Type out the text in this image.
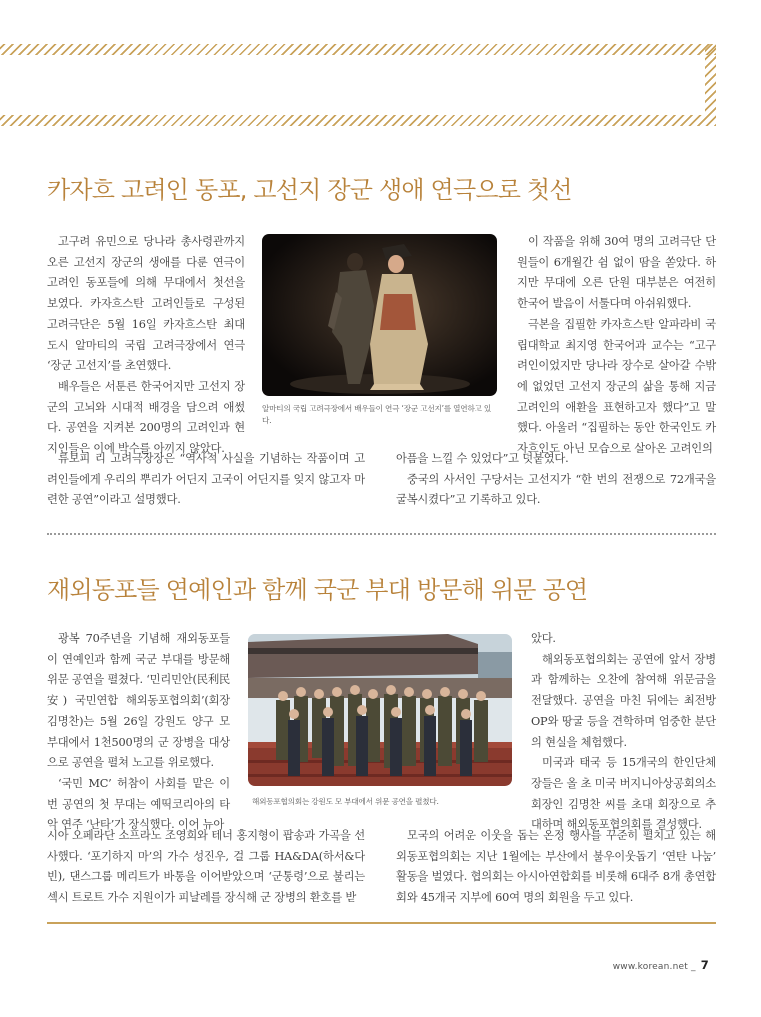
카자흐 고려인 동포, 고선지 장군 생애 연극으로 첫선

고구려 유민으로 당나라 총사령관까지 오른 고선지 장군의 생애를 다룬 연극이 고려인 동포들에 의해 무대에서 첫선을 보였다. 카자흐스탄 고려인들로 구성된 고려극단은 5월 16일 카자흐스탄 최대 도시 알마티의 국립 고려극장에서 연극 ‘장군 고선지’를 초연했다.

배우들은 서툰른 한국어지만 고선지 장군의 고뇌와 시대적 배경을 담으려 애썼다. 공연을 지켜본 200명의 고려인과 현지인들은 이에 박수를 아끼지 않았다.

류보피 리 고려극장장은 “역사적 사실을 기념하는 작품이며 고려인들에게 우리의 뿌리가 어딘지 고국이 어딘지를 잊지 않고자 마련한 공연”이라고 설명했다.

알마티의 국립 고려극장에서 배우들이 연극 ‘장군 고선지’를 열연하고 있다.

이 작품을 위해 30여 명의 고려극단 단원들이 6개월간 쉼 없이 땀을 쏟았다. 하지만 무대에 오른 단원 대부분은 여전히 한국어 발음이 서툴다며 아쉬워했다.

극본을 집필한 카자흐스탄 알파라비 국립대학교 최지영 한국어과 교수는 “고구려인이었지만 당나라 장수로 살아갈 수밖에 없었던 고선지 장군의 삶을 통해 지금 고려인의 애환을 표현하고자 했다”고 말했다. 아울러 “집필하는 동안 한국인도 카자흐인도 아닌 모습으로 살아온 고려인의

아픔을 느낄 수 있었다”고 덧붙였다.

중국의 사서인 구당서는 고선지가 “한 번의 전쟁으로 72개국을 굴복시켰다”고 기록하고 있다.

재외동포들 연예인과 함께 국군 부대 방문해 위문 공연

광복 70주년을 기념해 재외동포들이 연예인과 함께 국군 부대를 방문해 위문 공연을 펼쳤다. ‘민리민안(民利民安) 국민연합 해외동포협의회’(회장 김명찬)는 5월 26일 강원도 양구 모 부대에서 1천500명의 군 장병을 대상으로 공연을 펼쳐 노고를 위로했다.

‘국민 MC’ 허참이 사회를 맡은 이번 공연의 첫 무대는 예띡코리아의 타악 연주 ‘난타’가 장식했다. 이어 뉴아

시아 오페라단 소프라노 조영희와 테너 홍지형이 팝송과 가곡을 선사했다. ‘포기하지 마’의 가수 성진우, 걸 그룹 HA&DA(하서&다빈), 댄스그룹 메리트가 바통을 이어받았으며 ‘군통령’으로 불리는 섹시 트로트 가수 지원이가 피날레를 장식해 군 장병의 환호를 받

해외동포협의회는 강원도 모 부대에서 위문 공연을 펼쳤다.

았다.

해외동포협의회는 공연에 앞서 장병과 함께하는 오찬에 참여해 위문금을 전달했다. 공연을 마친 뒤에는 최전방 OP와 땅굴 등을 견학하며 엄중한 분단의 현실을 체험했다.

미국과 태국 등 15개국의 한인단체장들은 올 초 미국 버지니아상공회의소 회장인 김명찬 씨를 초대 회장으로 추대하며 해외동포협의회를 결성했다.

모국의 어려운 이웃을 돕는 온정 행사를 꾸준히 펼치고 있는 해외동포협의회는 지난 1월에는 부산에서 불우이웃돕기 ‘연탄 나눔’ 활동을 벌였다. 협의회는 아시아연합회를 비롯해 6대주 8개 총연합회와 45개국 지부에 60여 명의 회원을 두고 있다.

www.korean.net _ 7
